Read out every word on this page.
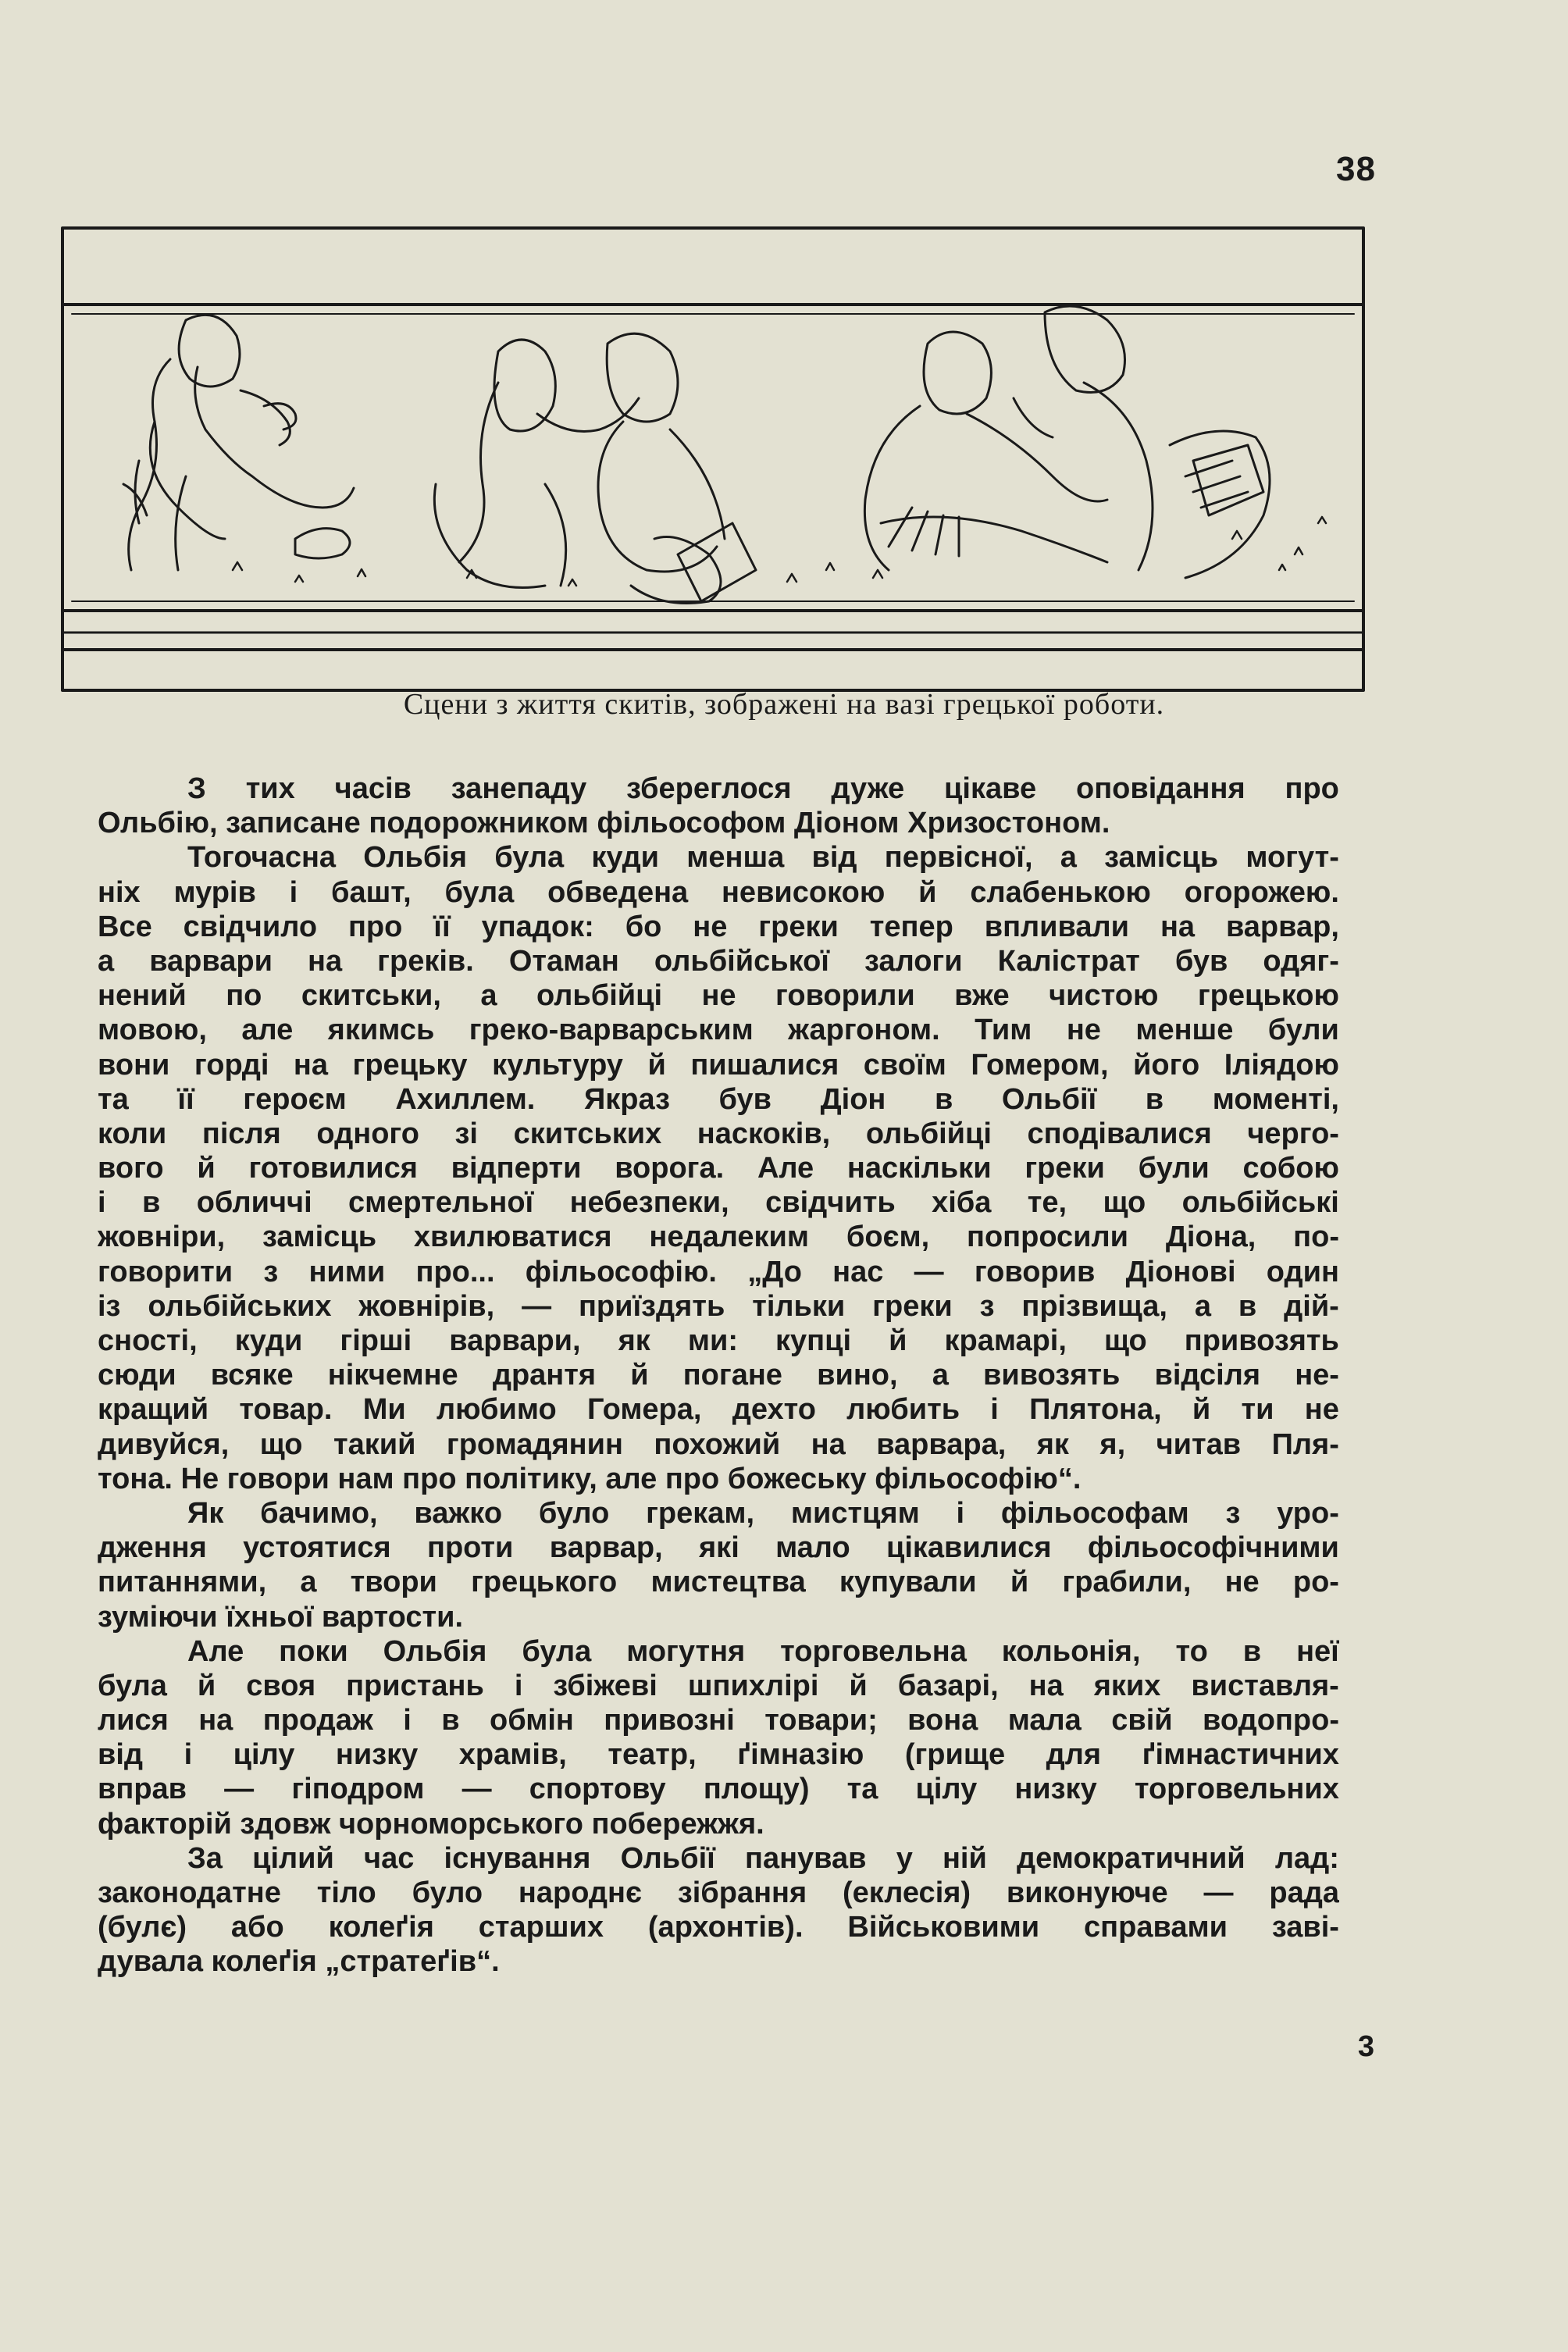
38
Сцени з життя скитів, зображені на вазі грецької роботи.
З тих часів занепаду збереглося дуже цікаве оповідання про
Ольбію, записане подорожником фільософом Діоном Хризостоном.
Тогочасна Ольбія була куди менша від первісної, а замісць могут-
ніх мурів і башт, була обведена невисокою й слабенькою огорожею.
Все свідчило про її упадок: бо не греки тепер впливали на варвар,
а варвари на греків. Отаман ольбійської залоги Калістрат був одяг-
нений по скитськи, а ольбійці не говорили вже чистою грецькою
мовою, але якимсь греко-варварським жаргоном. Тим не менше були
вони горді на грецьку культуру й пишалися своїм Гомером, його Іліядою
та її героєм Ахиллем. Якраз був Діон в Ольбії в моменті,
коли після одного зі скитських наскоків, ольбійці сподівалися черго-
вого й готовилися відперти ворога. Але наскільки греки були собою
і в обличчі смертельної небезпеки, свідчить хіба те, що ольбійські
жовніри, замісць хвилюватися недалеким боєм, попросили Діона, по-
говорити з ними про... фільософію. „До нас — говорив Діонові один
із ольбійських жовнірів, — приїздять тільки греки з прізвища, а в дій-
сності, куди гірші варвари, як ми: купці й крамарі, що привозять
сюди всяке нікчемне дрантя й погане вино, а вивозять відсіля не-
кращий товар. Ми любимо Гомера, дехто любить і Плятона, й ти не
дивуйся, що такий громадянин похожий на варвара, як я, читав Пля-
тона. Не говори нам про політику, але про божеську фільософію“.
Як бачимо, важко було грекам, мистцям і фільософам з уро-
дження устоятися проти варвар, які мало цікавилися фільософічними
питаннями, а твори грецького мистецтва купували й грабили, не ро-
зуміючи їхньої вартости.
Але поки Ольбія була могутня торговельна кольонія, то в неї
була й своя пристань і збіжеві шпихлірі й базарі, на яких виставля-
лися на продаж і в обмін привозні товари; вона мала свій водопро-
від і цілу низку храмів, театр, ґімназію (грище для ґімнастичних
вправ — гіподром — спортову площу) та цілу низку торговельних
факторій здовж чорноморського побережжя.
За цілий час існування Ольбії панував у ній демократичний лад:
законодатне тіло було народнє зібрання (еклесія) виконуюче — рада
(булє) або колеґія старших (архонтів). Військовими справами заві-
дувала колеґія „стратеґів“.
3
